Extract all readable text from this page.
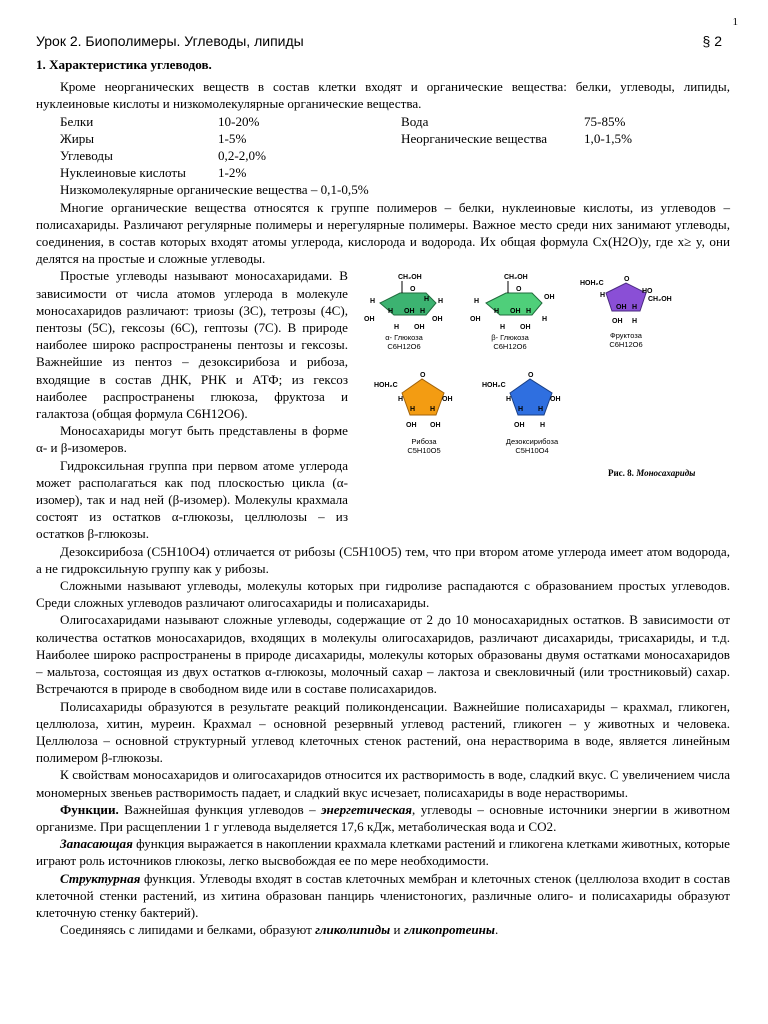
1
Урок 2. Биополимеры. Углеводы, липиды	§ 2
1. Характеристика углеводов.

Кроме неорганических веществ в состав клетки входят и органические вещества: белки, углеводы, липиды, нуклеиновые кислоты и низкомолекулярные органические вещества.

Белки	10-20%
Жиры	1-5%
Углеводы	0,2-2,0%
Нуклеиновые кислоты 1-2%
Вода	75-85%
Неорганические вещества	1,0-1,5%
Низкомолекулярные органические вещества – 0,1-0,5%

Многие органические вещества относятся к группе полимеров – белки, нуклеиновые кислоты, из углеводов – полисахариды. Различают регулярные полимеры и нерегулярные полимеры. Важное место среди них занимают углеводы, соединения, в состав которых входят атомы углерода, кислорода и водорода. Их общая формула Cx(H2O)y, где x≥ y, они делятся на простые и сложные углеводы.

CH₂OH
O
H	H
OH	OH
H OH H
H OH
H
CH₂OH
O
H
OH
OH	H
H OH H
H OH
HOH₂C
O
H
HO
CH₂OH
OH H
OH H
HOH₂C
O
H	OH
H H
OH OH
HOH₂C
O
H	OH
H H
OH H
α- Глюкоза
C6H12O6
β- Глюкоза
C6H12O6
Фруктоза
C6H12O6
Рибоза
C5H10O5
Дезоксирибоза
C5H10O4
Рис. 8. Моносахариды

Простые углеводы называют моносахаридами. В зависимости от числа атомов углерода в молекуле моносахаридов различают: триозы (3С), тетрозы (4С), пентозы (5С), гексозы (6С), гептозы (7С). В природе наиболее широко распространены пентозы и гексозы. Важнейшие из пентоз – дезоксирибоза и рибоза, входящие в состав ДНК, РНК и АТФ; из гексоз наиболее распространены глюкоза, фруктоза и галактоза (общая формула C6H12O6).

Моносахариды могут быть представлены в форме α- и β-изомеров.

Гидроксильная группа при первом атоме углерода может располагаться как под плоскостью цикла (α-изомер), так и над ней (β-изомер). Молекулы крахмала состоят из остатков α-глюкозы, целлюлозы – из остатков β-глюкозы.

Дезоксирибоза (C5H10O4) отличается от рибозы (C5H10O5) тем, что при втором атоме углерода имеет атом водорода, а не гидроксильную группу как у рибозы.

Сложными называют углеводы, молекулы которых при гидролизе распадаются с образованием простых углеводов. Среди сложных углеводов различают олигосахариды и полисахариды.

Олигосахаридами называют сложные углеводы, содержащие от 2 до 10 моносахаридных остатков. В зависимости от количества остатков моносахаридов, входящих в молекулы олигосахаридов, различают дисахариды, трисахариды, и т.д. Наиболее широко распространены в природе дисахариды, молекулы которых образованы двумя остатками моносахаридов – мальтоза, состоящая из двух остатков α-глюкозы, молочный сахар – лактоза и свекловичный (или тростниковый) сахар. Встречаются в природе в свободном виде или в составе полисахаридов.

Полисахариды образуются в результате реакций поликонденсации. Важнейшие полисахариды – крахмал, гликоген, целлюлоза, хитин, муреин. Крахмал – основной резервный углевод растений, гликоген – у животных и человека. Целлюлоза – основной структурный углевод клеточных стенок растений, она нерастворима в воде, является линейным полимером β-глюкозы.

К свойствам моносахаридов и олигосахаридов относится их растворимость в воде, сладкий вкус. С увеличением числа мономерных звеньев растворимость падает, и сладкий вкус исчезает, полисахариды в воде нерастворимы.

Функции. Важнейшая функция углеводов – энергетическая, углеводы – основные источники энергии в животном организме. При расщеплении 1 г углевода выделяется 17,6 кДж, метаболическая вода и CO2.

Запасающая функция выражается в накоплении крахмала клетками растений и гликогена клетками животных, которые играют роль источников глюкозы, легко высвобождая ее по мере необходимости.

Структурная функция. Углеводы входят в состав клеточных мембран и клеточных стенок (целлюлоза входит в состав клеточной стенки растений, из хитина образован панцирь членистоногих, различные олиго- и полисахариды образуют клеточную стенку бактерий).

Соединяясь с липидами и белками, образуют гликолипиды и гликопротеины.
